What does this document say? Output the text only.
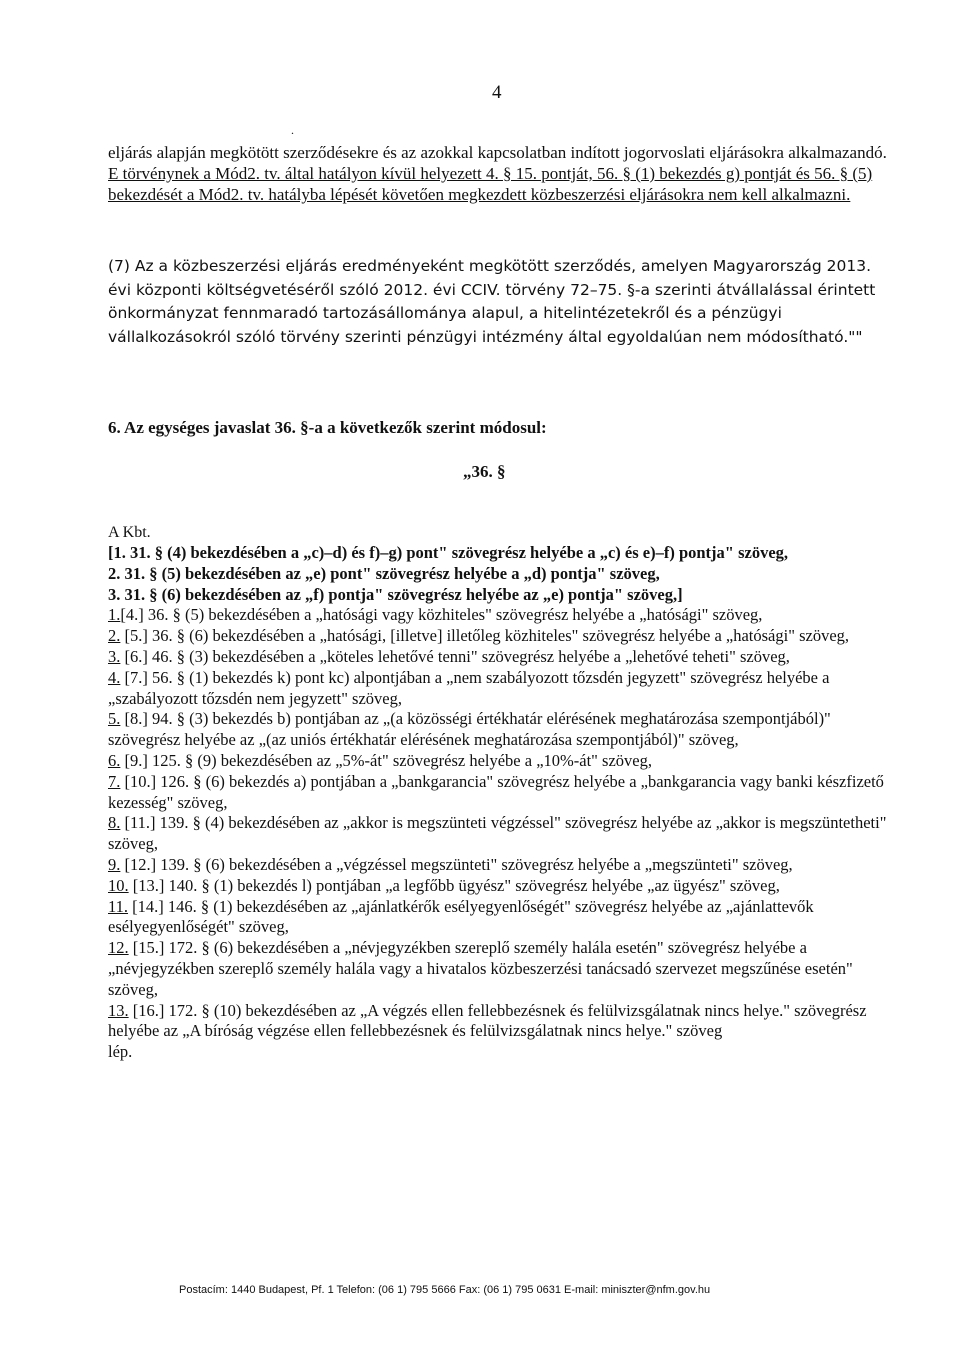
4
.
eljárás alapján megkötött szerződésekre és az azokkal kapcsolatban indított jogorvoslati eljárásokra alkalmazandó. E törvénynek a Mód2. tv. által hatályon kívül helyezett 4. § 15. pontját, 56. § (1) bekezdés g) pontját és 56. § (5) bekezdését a Mód2. tv. hatályba lépését követően megkezdett közbeszerzési eljárásokra nem kell alkalmazni.
(7) Az a közbeszerzési eljárás eredményeként megkötött szerződés, amelyen Magyarország 2013. évi központi költségvetéséről szóló 2012. évi CCIV. törvény 72–75. §-a szerinti átvállalással érintett önkormányzat fennmaradó tartozásállománya alapul, a hitelintézetekről és a pénzügyi vállalkozásokról szóló törvény szerinti pénzügyi intézmény által egyoldalúan nem módosítható.""
6. Az egységes javaslat 36. §-a a következők szerint módosul:
„36. §
A Kbt.
[1. 31. § (4) bekezdésében a „c)–d) és f)–g) pont" szövegrész helyébe a „c) és e)–f) pontja" szöveg,
2. 31. § (5) bekezdésében az „e) pont" szövegrész helyébe a „d) pontja" szöveg,
3. 31. § (6) bekezdésében az „f) pontja" szövegrész helyébe az „e) pontja" szöveg,]
1.[4.] 36. § (5) bekezdésében a „hatósági vagy közhiteles" szövegrész helyébe a „hatósági" szöveg,
2. [5.] 36. § (6) bekezdésében a „hatósági, [illetve] illetőleg közhiteles" szövegrész helyébe a „hatósági" szöveg,
3. [6.] 46. § (3) bekezdésében a „köteles lehetővé tenni" szövegrész helyébe a „lehetővé teheti" szöveg,
4. [7.] 56. § (1) bekezdés k) pont kc) alpontjában a „nem szabályozott tőzsdén jegyzett" szövegrész helyébe a „szabályozott tőzsdén nem jegyzett" szöveg,
5. [8.] 94. § (3) bekezdés b) pontjában az „(a közösségi értékhatár elérésének meghatározása szempontjából)" szövegrész helyébe az „(az uniós értékhatár elérésének meghatározása szempontjából)" szöveg,
6. [9.] 125. § (9) bekezdésében az „5%-át" szövegrész helyébe a „10%-át" szöveg,
7. [10.] 126. § (6) bekezdés a) pontjában a „bankgarancia" szövegrész helyébe a „bankgarancia vagy banki készfizető kezesség" szöveg,
8. [11.] 139. § (4) bekezdésében az „akkor is megszünteti végzéssel" szövegrész helyébe az „akkor is megszüntetheti" szöveg,
9. [12.] 139. § (6) bekezdésében a „végzéssel megszünteti" szövegrész helyébe a „megszünteti" szöveg,
10. [13.] 140. § (1) bekezdés l) pontjában „a legfőbb ügyész" szövegrész helyébe „az ügyész" szöveg,
11. [14.] 146. § (1) bekezdésében az „ajánlatkérők esélyegyenlőségét" szövegrész helyébe az „ajánlattevők esélyegyenlőségét" szöveg,
12. [15.] 172. § (6) bekezdésében a „névjegyzékben szereplő személy halála esetén" szövegrész helyébe a „névjegyzékben szereplő személy halála vagy a hivatalos közbeszerzési tanácsadó szervezet megszűnése esetén" szöveg,
13. [16.] 172. § (10) bekezdésében az „A végzés ellen fellebbezésnek és felülvizsgálatnak nincs helye." szövegrész helyébe az „A bíróság végzése ellen fellebbezésnek és felülvizsgálatnak nincs helye." szöveg
lép.
Postacím: 1440 Budapest, Pf. 1 Telefon: (06 1) 795 5666 Fax: (06 1) 795 0631 E-mail: miniszter@nfm.gov.hu
